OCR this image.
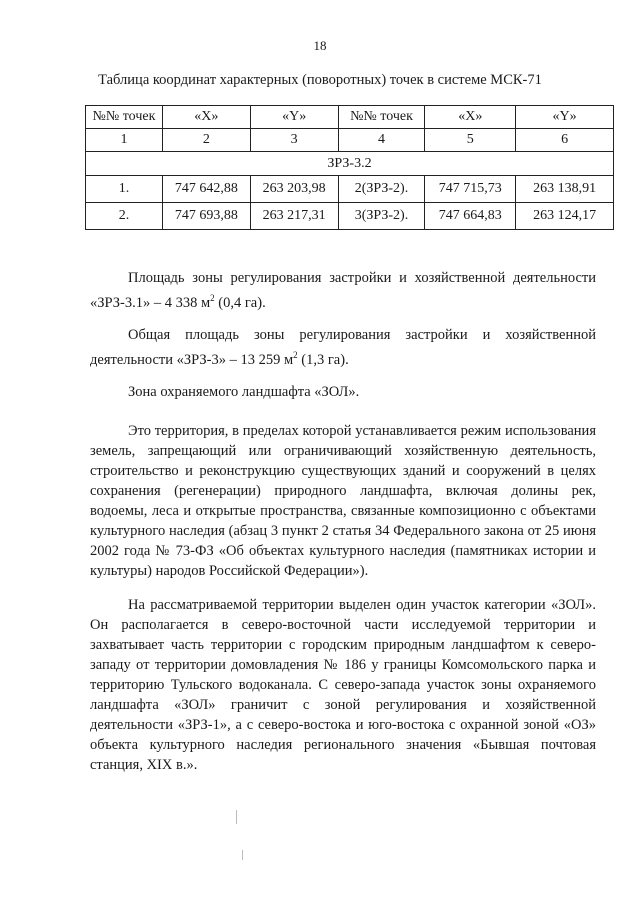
18
Таблица координат характерных (поворотных) точек в системе МСК-71
№№ точек	«X»	«Y»	№№ точек	«X»	«Y»
1	2	3	4	5	6
ЗРЗ-3.2					
1.	747 642,88	263 203,98	2(ЗРЗ-2).	747 715,73	263 138,91
2.	747 693,88	263 217,31	3(ЗРЗ-2).	747 664,83	263 124,17

Площадь зоны регулирования застройки и хозяйственной деятельности «ЗРЗ-3.1» – 4 338 $м^2$ (0,4 га).

Общая площадь зоны регулирования застройки и хозяйственной деятельности «ЗРЗ-3» – 13 259 $м^2$ (1,3 га).

Зона охраняемого ландшафта «ЗОЛ».

Это территория, в пределах которой устанавливается режим использования земель, запрещающий или ограничивающий хозяйственную деятельность, строительство и реконструкцию существующих зданий и сооружений в целях сохранения (регенерации) природного ландшафта, включая долины рек, водоемы, леса и открытые пространства, связанные композиционно с объектами культурного наследия (абзац 3 пункт 2 статья 34 Федерального закона от 25 июня 2002 года № 73-ФЗ «Об объектах культурного наследия (памятниках истории и культуры) народов Российской Федерации»).

На рассматриваемой территории выделен один участок категории «ЗОЛ». Он располагается в северо-восточной части исследуемой территории и захватывает часть территории с городским природным ландшафтом к северо-западу от территории домовладения № 186 у границы Комсомольского парка и территорию Тульского водоканала. С северо-запада участок зоны охраняемого ландшафта «ЗОЛ» граничит с зоной регулирования и хозяйственной деятельности «ЗРЗ-1», а с северо-востока и юго-востока с охранной зоной «ОЗ» объекта культурного наследия регионального значения «Бывшая почтовая станция, XIX в.».
